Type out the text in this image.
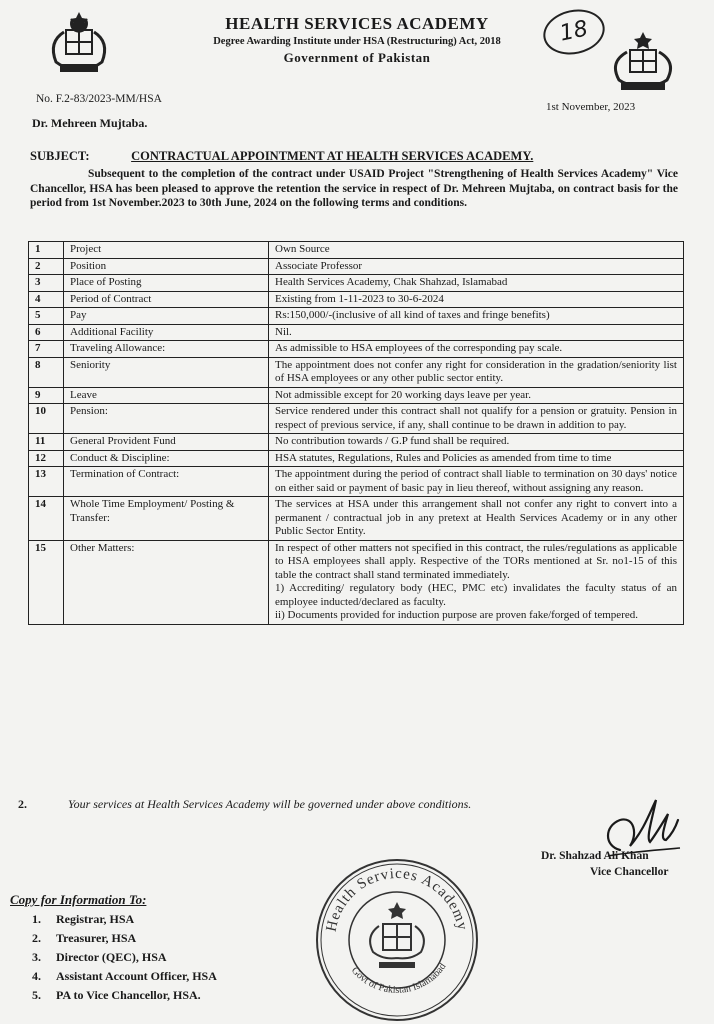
HEALTH SERVICES ACADEMY
Degree Awarding Institute under HSA (Restructuring) Act, 2018
Government of Pakistan
18
No. F.2-83/2023-MM/HSA
1st November, 2023
Dr. Mehreen Mujtaba.
SUBJECT:	CONTRACTUAL APPOINTMENT AT HEALTH SERVICES ACADEMY.
Subsequent to the completion of the contract under USAID Project "Strengthening of Health Services Academy" Vice Chancellor, HSA has been pleased to approve the retention the service in respect of Dr. Mehreen Mujtaba, on contract basis for the period from 1st November.2023 to 30th June, 2024 on the following terms and conditions.
1	Project	Own Source

2	Position	Associate Professor

3	Place of Posting	Health Services Academy, Chak Shahzad, Islamabad

4	Period of Contract	Existing from 1-11-2023 to 30-6-2024

5	Pay	Rs:150,000/-(inclusive of all kind of taxes and fringe benefits)

6	Additional Facility	Nil.

7	Traveling Allowance:	As admissible to HSA employees of the corresponding pay scale.

8	Seniority	The appointment does not confer any right for consideration in the gradation/seniority list of HSA employees or any other public sector entity.

9	Leave	Not admissible except for 20 working days leave per year.

10	Pension:	Service rendered under this contract shall not qualify for a pension or gratuity. Pension in respect of previous service, if any, shall continue to be drawn in addition to pay.

11	General Provident Fund	No contribution towards / G.P fund shall be required.

12	Conduct & Discipline:	HSA statutes, Regulations, Rules and Policies as amended from time to time

13	Termination of Contract:	The appointment during the period of contract shall liable to termination on 30 days' notice on either said or payment of basic pay in lieu thereof, without assigning any reason.

14	Whole Time Employment/ Posting & Transfer:	The services at HSA under this arrangement shall not confer any right to convert into a permanent / contractual job in any pretext at Health Services Academy or in any other Public Sector Entity.

15	Other Matters:	In respect of other matters not specified in this contract, the rules/regulations as applicable to HSA employees shall apply. Respective of the TORs mentioned at Sr. no1-15 of this table the contract shall stand terminated immediately.
1) Accrediting/ regulatory body (HEC, PMC etc) invalidates the faculty status of an employee inducted/declared as faculty.
ii) Documents provided for induction purpose are proven fake/forged of tempered.
2.	Your services at Health Services Academy will be governed under above conditions.
Dr. Shahzad Ali Khan
Vice Chancellor
Copy for Information To:
1. Registrar, HSA
2. Treasurer, HSA
3. Director (QEC), HSA
4. Assistant Account Officer, HSA
5. PA to Vice Chancellor, HSA.
Health Services Academy
Govt of Pakistan Islamabad
